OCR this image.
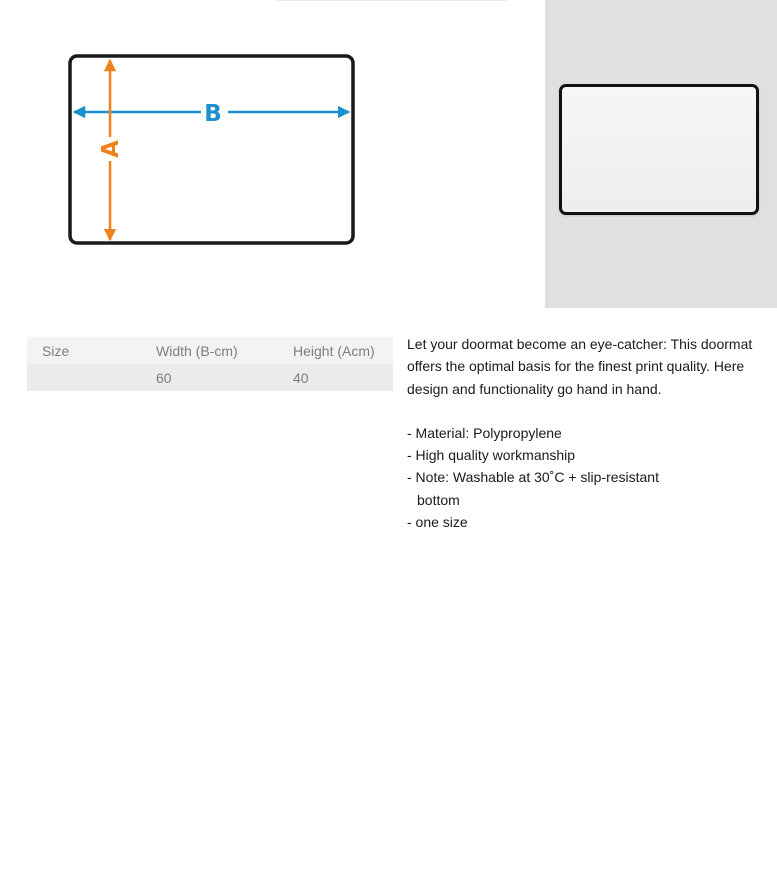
B
A
Size	Width (B-cm)	Height (Acm)
	60	40

Let your doormat become an eye-catcher: This doormat offers the optimal basis for the finest print quality. Here design and functionality go hand in hand.

- Material: Polypropylene
- High quality workmanship
- Note: Washable at 30˚C + slip-resistant bottom
- one size
